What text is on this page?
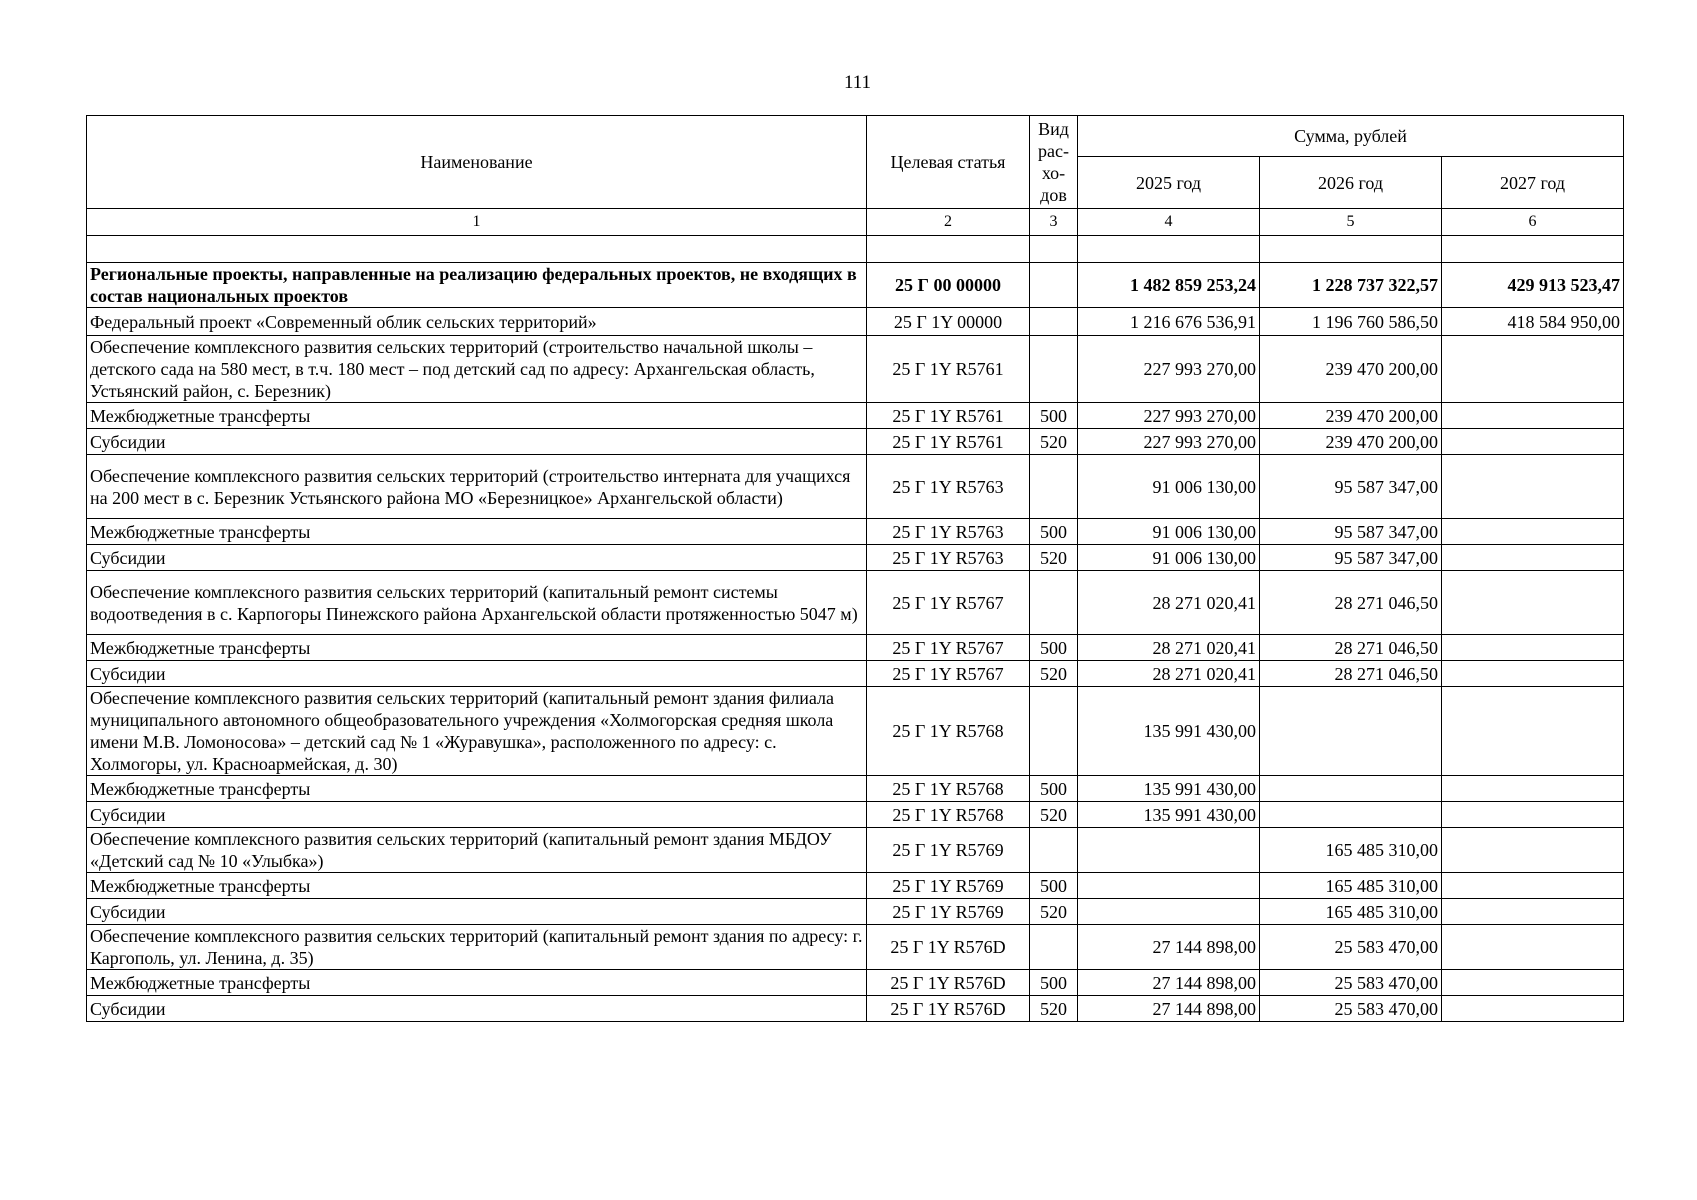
111
Наименование	Целевая статья	Вид рас-хо-дов	Сумма, рублей		
			2025 год	2026 год	2027 год
1	2	3	4	5	6

Региональные проекты, направленные на реализацию федеральных проектов, не входящих в состав национальных проектов	25 Г 00 00000		1 482 859 253,24	1 228 737 322,57	429 913 523,47
Федеральный проект «Современный облик сельских территорий»	25 Г 1Y 00000		1 216 676 536,91	1 196 760 586,50	418 584 950,00
Обеспечение комплексного развития сельских территорий (строительство начальной школы – детского сада на 580 мест, в т.ч. 180 мест – под детский сад по адресу: Архангельская область, Устьянский район, с. Березник)	25 Г 1Y R5761		227 993 270,00	239 470 200,00	
Межбюджетные трансферты	25 Г 1Y R5761	500	227 993 270,00	239 470 200,00	
Субсидии	25 Г 1Y R5761	520	227 993 270,00	239 470 200,00	
Обеспечение комплексного развития сельских территорий (строительство интерната для учащихся на 200 мест в с. Березник Устьянского района МО «Березницкое» Архангельской области)	25 Г 1Y R5763		91 006 130,00	95 587 347,00	
Межбюджетные трансферты	25 Г 1Y R5763	500	91 006 130,00	95 587 347,00	
Субсидии	25 Г 1Y R5763	520	91 006 130,00	95 587 347,00	
Обеспечение комплексного развития сельских территорий (капитальный ремонт системы водоотведения в с. Карпогоры Пинежского района Архангельской области протяженностью 5047 м)	25 Г 1Y R5767		28 271 020,41	28 271 046,50	
Межбюджетные трансферты	25 Г 1Y R5767	500	28 271 020,41	28 271 046,50	
Субсидии	25 Г 1Y R5767	520	28 271 020,41	28 271 046,50	
Обеспечение комплексного развития сельских территорий (капитальный ремонт здания филиала муниципального автономного общеобразовательного учреждения «Холмогорская средняя школа имени М.В. Ломоносова» – детский сад № 1 «Журавушка», расположенного по адресу: с. Холмогоры, ул. Красноармейская, д. 30)	25 Г 1Y R5768		135 991 430,00		
Межбюджетные трансферты	25 Г 1Y R5768	500	135 991 430,00		
Субсидии	25 Г 1Y R5768	520	135 991 430,00		
Обеспечение комплексного развития сельских территорий (капитальный ремонт здания МБДОУ «Детский сад № 10 «Улыбка»)	25 Г 1Y R5769			165 485 310,00	
Межбюджетные трансферты	25 Г 1Y R5769	500		165 485 310,00	
Субсидии	25 Г 1Y R5769	520		165 485 310,00	
Обеспечение комплексного развития сельских территорий (капитальный ремонт здания по адресу: г. Каргополь, ул. Ленина, д. 35)	25 Г 1Y R576D		27 144 898,00	25 583 470,00	
Межбюджетные трансферты	25 Г 1Y R576D	500	27 144 898,00	25 583 470,00	
Субсидии	25 Г 1Y R576D	520	27 144 898,00	25 583 470,00	
